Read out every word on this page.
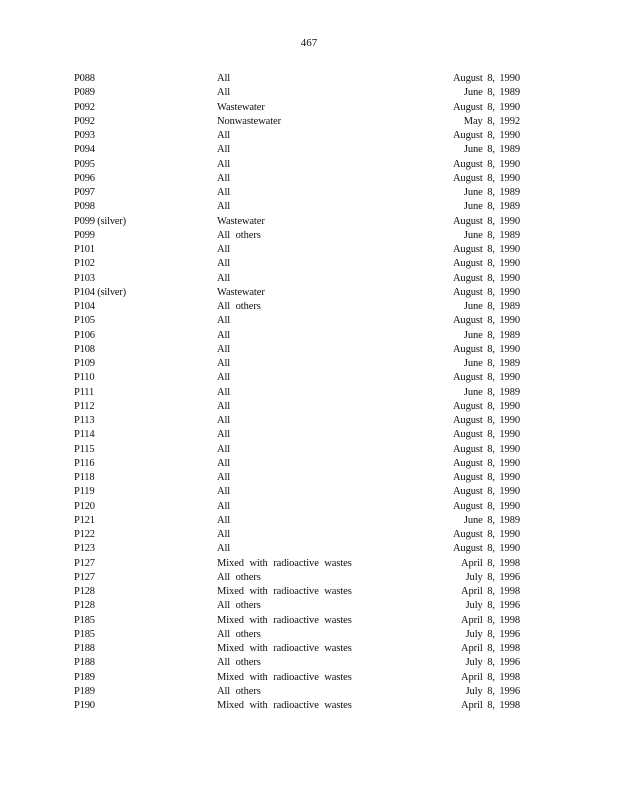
467
P088	All	August 8, 1990
P089	All	June 8, 1989
P092	Wastewater	August 8, 1990
P092	Nonwastewater	May 8, 1992
P093	All	August 8, 1990
P094	All	June 8, 1989
P095	All	August 8, 1990
P096	All	August 8, 1990
P097	All	June 8, 1989
P098	All	June 8, 1989
P099 (silver)	Wastewater	August 8, 1990
P099	All others	June 8, 1989
P101	All	August 8, 1990
P102	All	August 8, 1990
P103	All	August 8, 1990
P104 (silver)	Wastewater	August 8, 1990
P104	All others	June 8, 1989
P105	All	August 8, 1990
P106	All	June 8, 1989
P108	All	August 8, 1990
P109	All	June 8, 1989
P110	All	August 8, 1990
P111	All	June 8, 1989
P112	All	August 8, 1990
P113	All	August 8, 1990
P114	All	August 8, 1990
P115	All	August 8, 1990
P116	All	August 8, 1990
P118	All	August 8, 1990
P119	All	August 8, 1990
P120	All	August 8, 1990
P121	All	June 8, 1989
P122	All	August 8, 1990
P123	All	August 8, 1990
P127	Mixed with radioactive wastes	April 8, 1998
P127	All others	July 8, 1996
P128	Mixed with radioactive wastes	April 8, 1998
P128	All others	July 8, 1996
P185	Mixed with radioactive wastes	April 8, 1998
P185	All others	July 8, 1996
P188	Mixed with radioactive wastes	April 8, 1998
P188	All others	July 8, 1996
P189	Mixed with radioactive wastes	April 8, 1998
P189	All others	July 8, 1996
P190	Mixed with radioactive wastes	April 8, 1998
